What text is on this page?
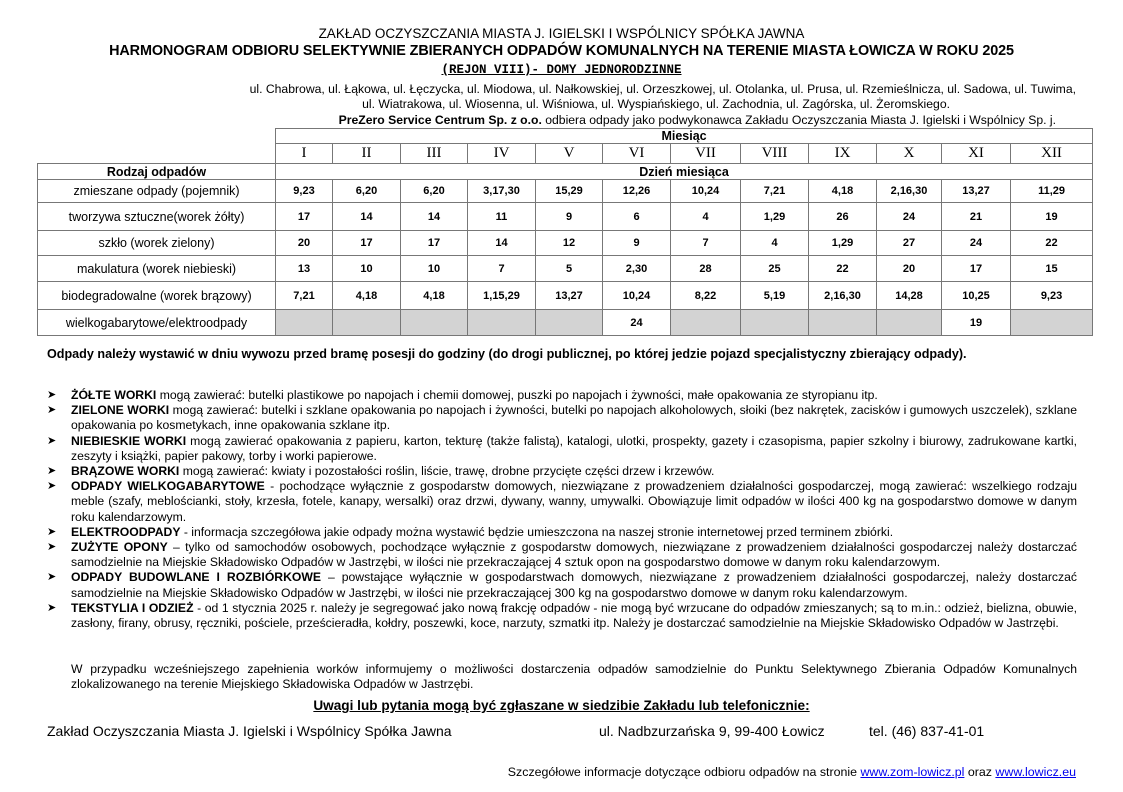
ZAKŁAD OCZYSZCZANIA MIASTA J. IGIELSKI I WSPÓLNICY SPÓŁKA JAWNA
HARMONOGRAM ODBIORU SELEKTYWNIE ZBIERANYCH ODPADÓW KOMUNALNYCH NA TERENIE MIASTA ŁOWICZA W ROKU 2025
(REJON VIII)- DOMY JEDNORODZINNE
ul. Chabrowa, ul. Łąkowa, ul. Łęczycka, ul. Miodowa, ul. Nałkowskiej, ul. Orzeszkowej, ul. Otolanka, ul. Prusa, ul. Rzemieślnicza, ul. Sadowa, ul. Tuwima,
ul. Wiatrakowa, ul. Wiosenna, ul. Wiśniowa, ul. Wyspiańskiego, ul. Zachodnia, ul. Zagórska, ul. Żeromskiego.
PreZero Service Centrum Sp. z o.o. odbiera odpady jako podwykonawca Zakładu Oczyszczania Miasta J. Igielski i Wspólnicy Sp. j.
	Miesiąc											
	I	II	III	IV	V	VI	VII	VIII	IX	X	XI	XII
Rodzaj odpadów	Dzień miesiąca											
zmieszane odpady (pojemnik)	9,23	6,20	6,20	3,17,30	15,29	12,26	10,24	7,21	4,18	2,16,30	13,27	11,29
tworzywa sztuczne(worek żółty)	17	14	14	11	9	6	4	1,29	26	24	21	19
szkło (worek zielony)	20	17	17	14	12	9	7	4	1,29	27	24	22
makulatura (worek niebieski)	13	10	10	7	5	2,30	28	25	22	20	17	15
biodegradowalne (worek brązowy)	7,21	4,18	4,18	1,15,29	13,27	10,24	8,22	5,19	2,16,30	14,28	10,25	9,23
wielkogabarytowe/elektroodpady						24					19	
Odpady należy wystawić w dniu wywozu przed bramę posesji do godziny (do drogi publicznej, po której jedzie pojazd specjalistyczny zbierający odpady).
➤ ŻÓŁTE WORKI mogą zawierać: butelki plastikowe po napojach i chemii domowej, puszki po napojach i żywności, małe opakowania ze styropianu itp.
➤ ZIELONE WORKI mogą zawierać: butelki i szklane opakowania po napojach i żywności, butelki po napojach alkoholowych, słoiki (bez nakrętek, zacisków i gumowych uszczelek), szklane opakowania po kosmetykach, inne opakowania szklane itp.
➤ NIEBIESKIE WORKI mogą zawierać opakowania z papieru, karton, tekturę (także falistą), katalogi, ulotki, prospekty, gazety i czasopisma, papier szkolny i biurowy, zadrukowane kartki, zeszyty i książki, papier pakowy, torby i worki papierowe.
➤ BRĄZOWE WORKI mogą zawierać: kwiaty i pozostałości roślin, liście, trawę, drobne przycięte części drzew i krzewów.
➤ ODPADY WIELKOGABARYTOWE - pochodzące wyłącznie z gospodarstw domowych, niezwiązane z prowadzeniem działalności gospodarczej, mogą zawierać: wszelkiego rodzaju meble (szafy, meblościanki, stoły, krzesła, fotele, kanapy, wersalki) oraz drzwi, dywany, wanny, umywalki. Obowiązuje limit odpadów w ilości 400 kg na gospodarstwo domowe w danym roku kalendarzowym.
➤ ELEKTROODPADY - informacja szczegółowa jakie odpady można wystawić będzie umieszczona na naszej stronie internetowej przed terminem zbiórki.
➤ ZUŻYTE OPONY – tylko od samochodów osobowych, pochodzące wyłącznie z gospodarstw domowych, niezwiązane z prowadzeniem działalności gospodarczej należy dostarczać samodzielnie na Miejskie Składowisko Odpadów w Jastrzębi, w ilości nie przekraczającej 4 sztuk opon na gospodarstwo domowe w danym roku kalendarzowym.
➤ ODPADY BUDOWLANE I ROZBIÓRKOWE – powstające wyłącznie w gospodarstwach domowych, niezwiązane z prowadzeniem działalności gospodarczej, należy dostarczać samodzielnie na Miejskie Składowisko Odpadów w Jastrzębi, w ilości nie przekraczającej 300 kg na gospodarstwo domowe w danym roku kalendarzowym.
➤ TEKSTYLIA I ODZIEŻ - od 1 stycznia 2025 r. należy je segregować jako nową frakcję odpadów - nie mogą być wrzucane do odpadów zmieszanych; są to m.in.: odzież, bielizna, obuwie, zasłony, firany, obrusy, ręczniki, pościele, prześcieradła, kołdry, poszewki, koce, narzuty, szmatki itp. Należy je dostarczać samodzielnie na Miejskie Składowisko Odpadów w Jastrzębi.
W przypadku wcześniejszego zapełnienia worków informujemy o możliwości dostarczenia odpadów samodzielnie do Punktu Selektywnego Zbierania Odpadów Komunalnych zlokalizowanego na terenie Miejskiego Składowiska Odpadów w Jastrzębi.
Uwagi lub pytania mogą być zgłaszane w siedzibie Zakładu lub telefonicznie:
Zakład Oczyszczania Miasta J. Igielski i Wspólnicy Spółka Jawna	ul. Nadbzurzańska 9, 99-400 Łowicz	tel. (46) 837-41-01
Szczegółowe informacje dotyczące odbioru odpadów na stronie www.zom-lowicz.pl oraz www.lowicz.eu
